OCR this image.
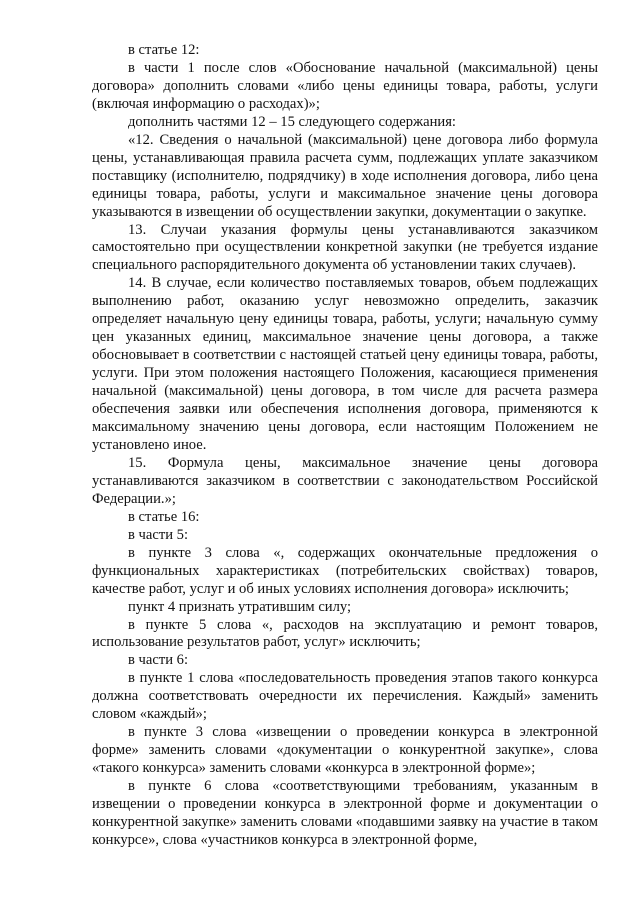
в статье 12:

в части 1 после слов «Обоснование начальной (максимальной) цены договора» дополнить словами «либо цены единицы товара, работы, услуги (включая информацию о расходах)»;

дополнить частями 12 – 15 следующего содержания:

«12. Сведения о начальной (максимальной) цене договора либо формула цены, устанавливающая правила расчета сумм, подлежащих уплате заказчиком поставщику (исполнителю, подрядчику) в ходе исполнения договора, либо цена единицы товара, работы, услуги и максимальное значение цены договора указываются в извещении об осуществлении закупки, документации о закупке.

13. Случаи указания формулы цены устанавливаются заказчиком самостоятельно при осуществлении конкретной закупки (не требуется издание специального распорядительного документа об установлении таких случаев).

14. В случае, если количество поставляемых товаров, объем подлежащих выполнению работ, оказанию услуг невозможно определить, заказчик определяет начальную цену единицы товара, работы, услуги; начальную сумму цен указанных единиц, максимальное значение цены договора, а также обосновывает в соответствии с настоящей статьей цену единицы товара, работы, услуги. При этом положения настоящего Положения, касающиеся применения начальной (максимальной) цены договора, в том числе для расчета размера обеспечения заявки или обеспечения исполнения договора, применяются к максимальному значению цены договора, если настоящим Положением не установлено иное.

15. Формула цены, максимальное значение цены договора устанавливаются заказчиком в соответствии с законодательством Российской Федерации.»;

в статье 16:

в части 5:

в пункте 3 слова «, содержащих окончательные предложения о функциональных характеристиках (потребительских свойствах) товаров, качестве работ, услуг и об иных условиях исполнения договора» исключить;

пункт 4 признать утратившим силу;

в пункте 5 слова «, расходов на эксплуатацию и ремонт товаров, использование результатов работ, услуг» исключить;

в части 6:

в пункте 1 слова «последовательность проведения этапов такого конкурса должна соответствовать очередности их перечисления. Каждый» заменить словом «каждый»;

в пункте 3 слова «извещении о проведении конкурса в электронной форме» заменить словами «документации о конкурентной закупке», слова «такого конкурса» заменить словами «конкурса в электронной форме»;

в пункте 6 слова «соответствующими требованиям, указанным в извещении о проведении конкурса в электронной форме и документации о конкурентной закупке» заменить словами «подавшими заявку на участие в таком конкурсе», слова «участников конкурса в электронной форме,
